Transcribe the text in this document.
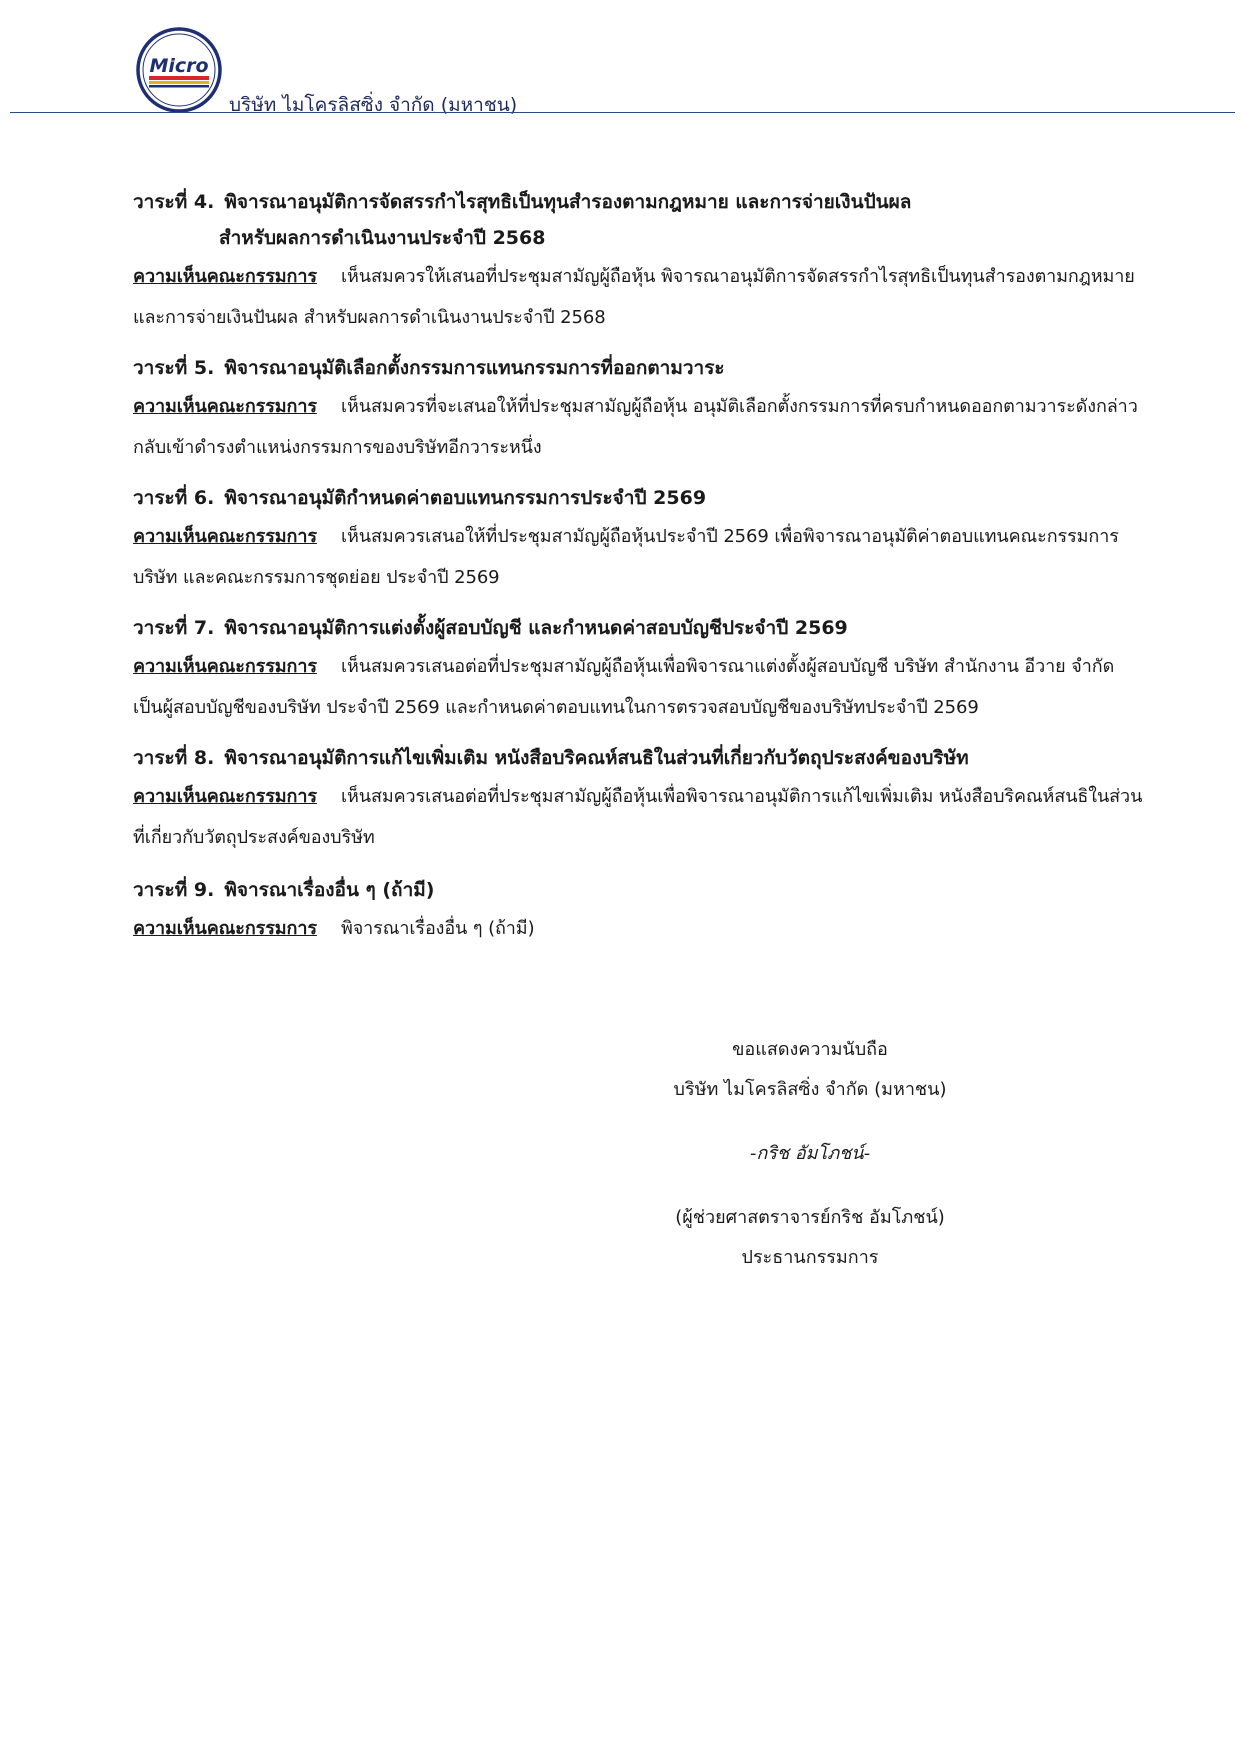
Micro
บริษัท ไมโครลิสซิ่ง จำกัด (มหาชน)
วาระที่ 4. พิจารณาอนุมัติการจัดสรรกำไรสุทธิเป็นทุนสำรองตามกฎหมาย และการจ่ายเงินปันผล
สำหรับผลการดำเนินงานประจำปี 2568
ความเห็นคณะกรรมการ เห็นสมควรให้เสนอที่ประชุมสามัญผู้ถือหุ้น พิจารณาอนุมัติการจัดสรรกำไรสุทธิเป็นทุนสำรองตามกฎหมาย และการจ่ายเงินปันผล สำหรับผลการดำเนินงานประจำปี 2568
วาระที่ 5. พิจารณาอนุมัติเลือกตั้งกรรมการแทนกรรมการที่ออกตามวาระ
ความเห็นคณะกรรมการ เห็นสมควรที่จะเสนอให้ที่ประชุมสามัญผู้ถือหุ้น อนุมัติเลือกตั้งกรรมการที่ครบกำหนดออกตามวาระดังกล่าวกลับเข้าดำรงตำแหน่งกรรมการของบริษัทอีกวาระหนึ่ง
วาระที่ 6. พิจารณาอนุมัติกำหนดค่าตอบแทนกรรมการประจำปี 2569
ความเห็นคณะกรรมการ เห็นสมควรเสนอให้ที่ประชุมสามัญผู้ถือหุ้นประจำปี 2569 เพื่อพิจารณาอนุมัติค่าตอบแทนคณะกรรมการบริษัท และคณะกรรมการชุดย่อย ประจำปี 2569
วาระที่ 7. พิจารณาอนุมัติการแต่งตั้งผู้สอบบัญชี และกำหนดค่าสอบบัญชีประจำปี 2569
ความเห็นคณะกรรมการ เห็นสมควรเสนอต่อที่ประชุมสามัญผู้ถือหุ้นเพื่อพิจารณาแต่งตั้งผู้สอบบัญชี บริษัท สำนักงาน อีวาย จำกัด เป็นผู้สอบบัญชีของบริษัท ประจำปี 2569 และกำหนดค่าตอบแทนในการตรวจสอบบัญชีของบริษัทประจำปี 2569
วาระที่ 8. พิจารณาอนุมัติการแก้ไขเพิ่มเติม หนังสือบริคณห์สนธิในส่วนที่เกี่ยวกับวัตถุประสงค์ของบริษัท
ความเห็นคณะกรรมการ เห็นสมควรเสนอต่อที่ประชุมสามัญผู้ถือหุ้นเพื่อพิจารณาอนุมัติการแก้ไขเพิ่มเติม หนังสือบริคณห์สนธิในส่วนที่เกี่ยวกับวัตถุประสงค์ของบริษัท
วาระที่ 9. พิจารณาเรื่องอื่น ๆ (ถ้ามี)
ความเห็นคณะกรรมการ พิจารณาเรื่องอื่น ๆ (ถ้ามี)
ขอแสดงความนับถือ
บริษัท ไมโครลิสซิ่ง จำกัด (มหาชน)
-กริช อัมโภชน์-
(ผู้ช่วยศาสตราจารย์กริช อัมโภชน์)
ประธานกรรมการ
